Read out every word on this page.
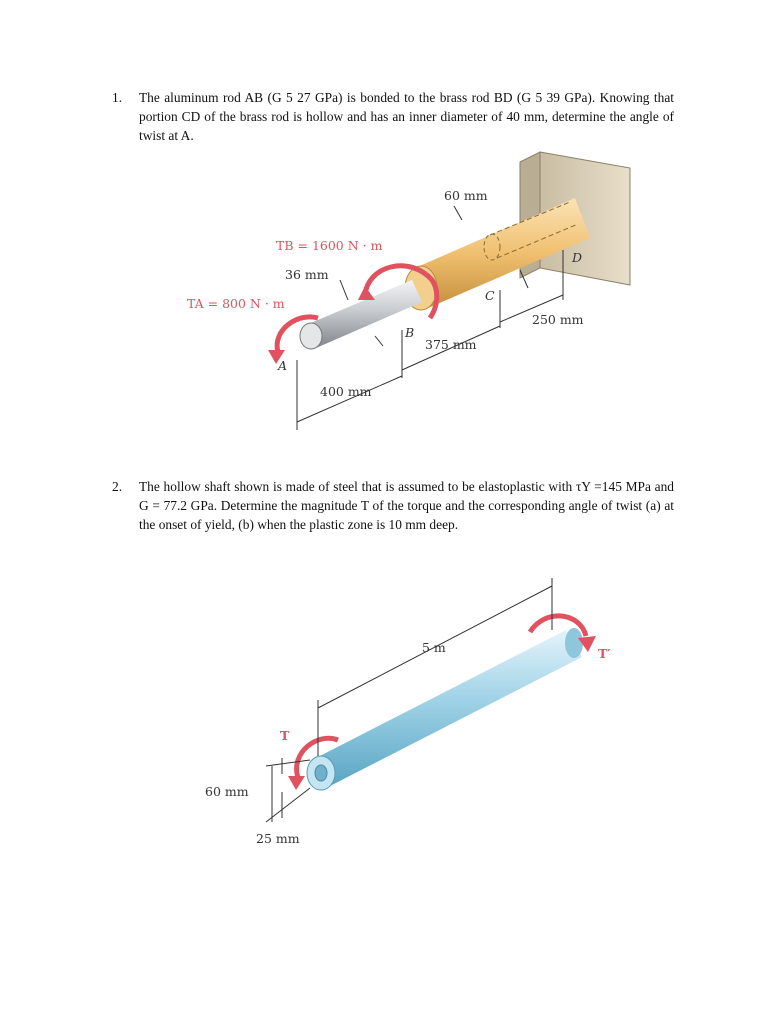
1. The aluminum rod AB (G 5 27 GPa) is bonded to the brass rod BD (G 5 39 GPa). Knowing that portion CD of the brass rod is hollow and has an inner diameter of 40 mm, determine the angle of twist at A.
60 mm
TB = 1600 N · m
36 mm
TA = 800 N · m
A
B
C
D
250 mm
375 mm
400 mm
2. The hollow shaft shown is made of steel that is assumed to be elastoplastic with τY =145 MPa and G = 77.2 GPa. Determine the magnitude T of the torque and the corresponding angle of twist (a) at the onset of yield, (b) when the plastic zone is 10 mm deep.
5 m
T
T′
60 mm
25 mm
